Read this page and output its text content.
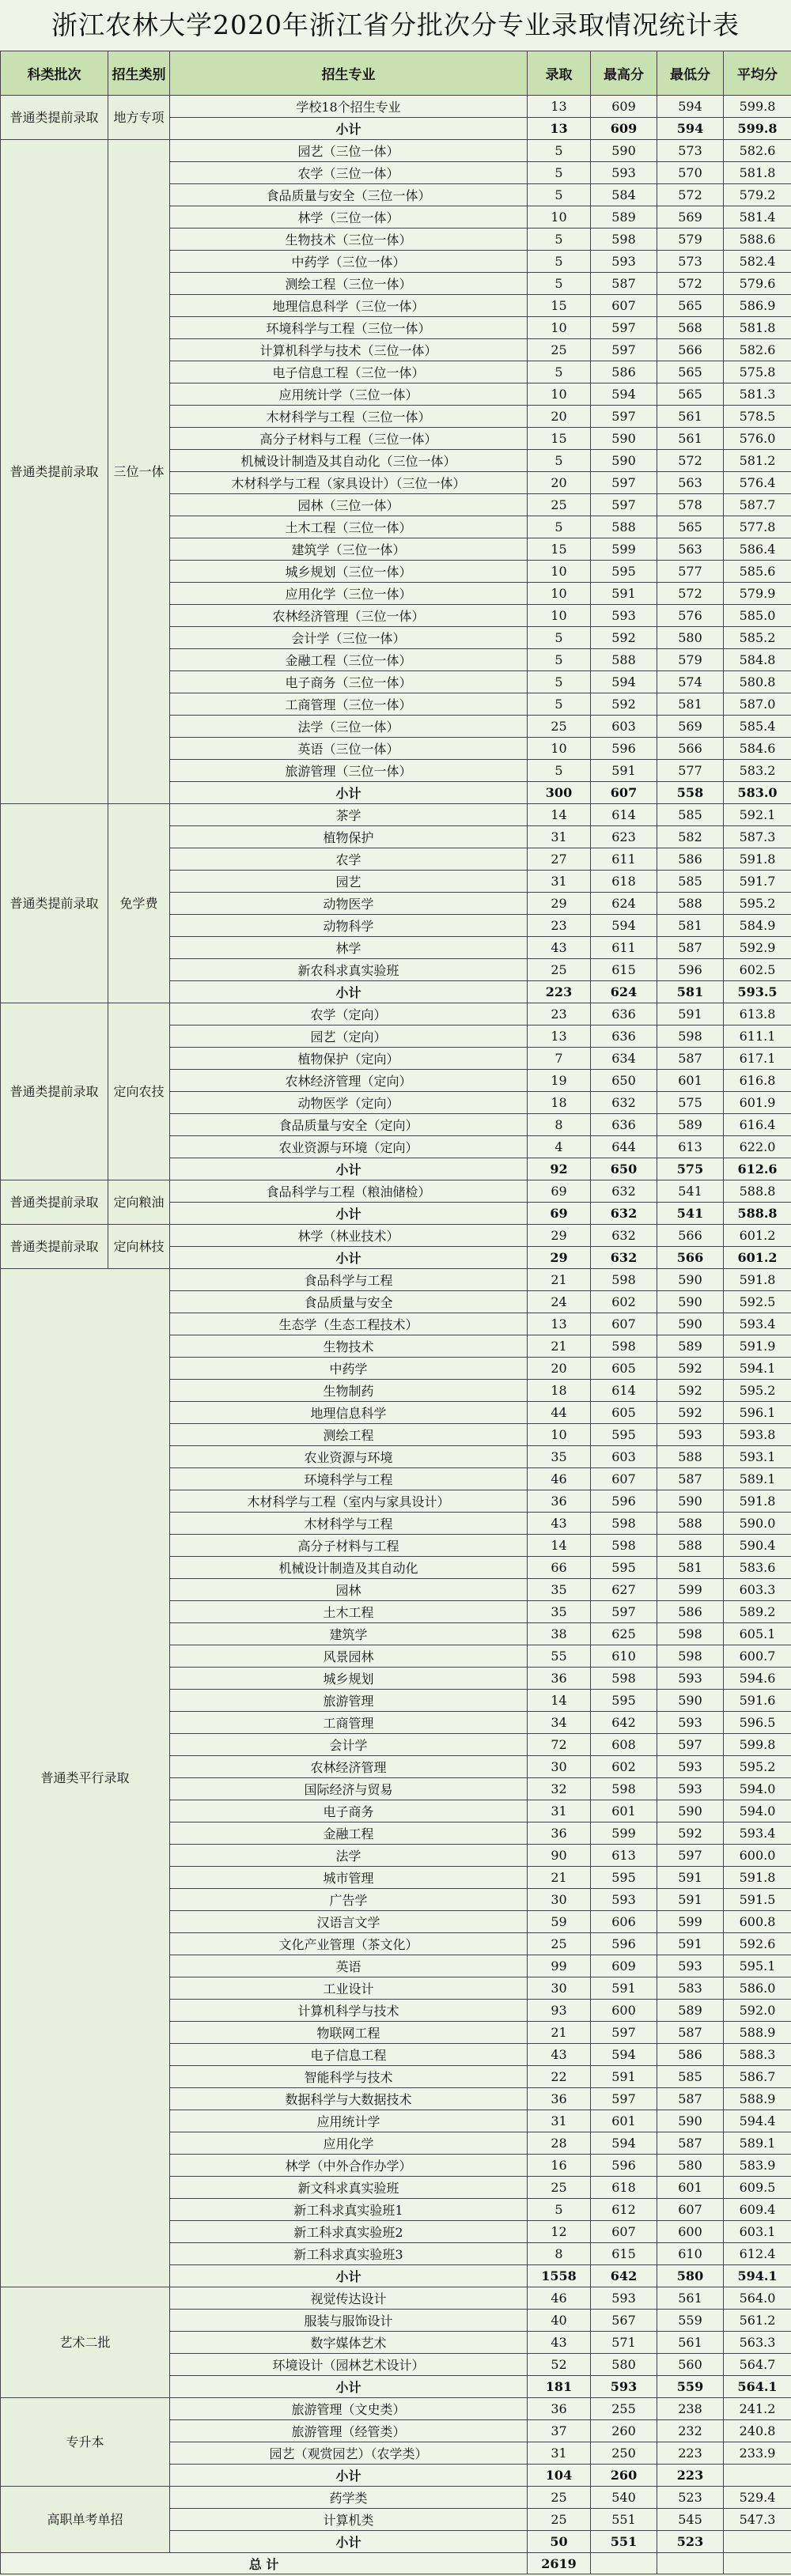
浙江农林大学2020年浙江省分批次分专业录取情况统计表
科类批次	招生类别	招生专业	录取	最高分	最低分	平均分
普通类提前录取	地方专项	学校18个招生专业	13	609	594	599.8
		小计	13	609	594	599.8
普通类提前录取	三位一体	园艺（三位一体）	5	590	573	582.6
		农学（三位一体）	5	593	570	581.8
		食品质量与安全（三位一体）	5	584	572	579.2
		林学（三位一体）	10	589	569	581.4
		生物技术（三位一体）	5	598	579	588.6
		中药学（三位一体）	5	593	573	582.4
		测绘工程（三位一体）	5	587	572	579.6
		地理信息科学（三位一体）	15	607	565	586.9
		环境科学与工程（三位一体）	10	597	568	581.8
		计算机科学与技术（三位一体）	25	597	566	582.6
		电子信息工程（三位一体）	5	586	565	575.8
		应用统计学（三位一体）	10	594	565	581.3
		木材科学与工程（三位一体）	20	597	561	578.5
		高分子材料与工程（三位一体）	15	590	561	576.0
		机械设计制造及其自动化（三位一体）	5	590	572	581.2
		木材科学与工程（家具设计）（三位一体）	20	597	563	576.4
		园林（三位一体）	25	597	578	587.7
		土木工程（三位一体）	5	588	565	577.8
		建筑学（三位一体）	15	599	563	586.4
		城乡规划（三位一体）	10	595	577	585.6
		应用化学（三位一体）	10	591	572	579.9
		农林经济管理（三位一体）	10	593	576	585.0
		会计学（三位一体）	5	592	580	585.2
		金融工程（三位一体）	5	588	579	584.8
		电子商务（三位一体）	5	594	574	580.8
		工商管理（三位一体）	5	592	581	587.0
		法学（三位一体）	25	603	569	585.4
		英语（三位一体）	10	596	566	584.6
		旅游管理（三位一体）	5	591	577	583.2
		小计	300	607	558	583.0
普通类提前录取	免学费	茶学	14	614	585	592.1
		植物保护	31	623	582	587.3
		农学	27	611	586	591.8
		园艺	31	618	585	591.7
		动物医学	29	624	588	595.2
		动物科学	23	594	581	584.9
		林学	43	611	587	592.9
		新农科求真实验班	25	615	596	602.5
		小计	223	624	581	593.5
普通类提前录取	定向农技	农学（定向）	23	636	591	613.8
		园艺（定向）	13	636	598	611.1
		植物保护（定向）	7	634	587	617.1
		农林经济管理（定向）	19	650	601	616.8
		动物医学（定向）	18	632	575	601.9
		食品质量与安全（定向）	8	636	589	616.4
		农业资源与环境（定向）	4	644	613	622.0
		小计	92	650	575	612.6
普通类提前录取	定向粮油	食品科学与工程（粮油储检）	69	632	541	588.8
		小计	69	632	541	588.8
普通类提前录取	定向林技	林学（林业技术）	29	632	566	601.2
		小计	29	632	566	601.2
普通类平行录取		食品科学与工程	21	598	590	591.8
		食品质量与安全	24	602	590	592.5
		生态学（生态工程技术）	13	607	590	593.4
		生物技术	21	598	589	591.9
		中药学	20	605	592	594.1
		生物制药	18	614	592	595.2
		地理信息科学	44	605	592	596.1
		测绘工程	10	595	593	593.8
		农业资源与环境	35	603	588	593.1
		环境科学与工程	46	607	587	589.1
		木材科学与工程（室内与家具设计）	36	596	590	591.8
		木材科学与工程	43	598	588	590.0
		高分子材料与工程	14	598	588	590.4
		机械设计制造及其自动化	66	595	581	583.6
		园林	35	627	599	603.3
		土木工程	35	597	586	589.2
		建筑学	38	625	598	605.1
		风景园林	55	610	598	600.7
		城乡规划	36	598	593	594.6
		旅游管理	14	595	590	591.6
		工商管理	34	642	593	596.5
		会计学	72	608	597	599.8
		农林经济管理	30	602	593	595.2
		国际经济与贸易	32	598	593	594.0
		电子商务	31	601	590	594.0
		金融工程	36	599	592	593.4
		法学	90	613	597	600.0
		城市管理	21	595	591	591.8
		广告学	30	593	591	591.5
		汉语言文学	59	606	599	600.8
		文化产业管理（茶文化）	25	596	591	592.6
		英语	99	609	593	595.1
		工业设计	30	591	583	586.0
		计算机科学与技术	93	600	589	592.0
		物联网工程	21	597	587	588.9
		电子信息工程	43	594	586	588.3
		智能科学与技术	22	591	585	586.7
		数据科学与大数据技术	36	597	587	588.9
		应用统计学	31	601	590	594.4
		应用化学	28	594	587	589.1
		林学（中外合作办学）	16	596	580	583.9
		新文科求真实验班	25	618	601	609.5
		新工科求真实验班1	5	612	607	609.4
		新工科求真实验班2	12	607	600	603.1
		新工科求真实验班3	8	615	610	612.4
		小计	1558	642	580	594.1
艺术二批		视觉传达设计	46	593	561	564.0
		服装与服饰设计	40	567	559	561.2
		数字媒体艺术	43	571	561	563.3
		环境设计（园林艺术设计）	52	580	560	564.7
		小计	181	593	559	564.1
专升本		旅游管理（文史类）	36	255	238	241.2
		旅游管理（经管类）	37	260	232	240.8
		园艺（观赏园艺）（农学类）	31	250	223	233.9
		小计	104	260	223	
高职单考单招		药学类	25	540	523	529.4
		计算机类	25	551	545	547.3
		小计	50	551	523	
总 计			2619			
